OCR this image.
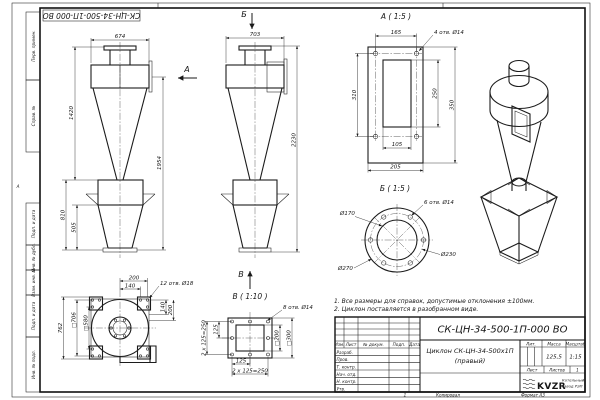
А
Перв. примен.
Справ. №
Подп. и дата
Инв. № дубл.
Взам. инв. №
Подп. и дата
Инв. № подл.
СК-ЦН-34-500-1П-000 ВО
674
1420
1954
810
505
А
Б
703
2230
В
А ( 1:5 )
4 отв. Ø14
165
310	250
350
105
205
Б ( 1:5 )
6 отв. Ø14
Ø170
Ø230
Ø270
200
140	12 отв. Ø18
140 200
762
□706 □580
В ( 1:10 )
8 отв. Ø14
125
2 x 125=250	□200 □300
125
2 x 125=250
1. Все размеры для справок, допустимые отклонения ±100мм.
2. Циклон поставляется в разобранном виде.
Изм. Лист № докум. Подп. Дата
Разраб.
Пров.
Т. контр.
Нач. отд.
Н. контр.
Утв.
СК-ЦН-34-500-1П-000 ВО
Циклон СК-ЦН-34-500х1П
(правый)
Лит.	Масса Масштаб
125,5 1:15
Лист	Листов	1
KVZR
Котельный
завод РЭП
1	Копировал	Формат А3
